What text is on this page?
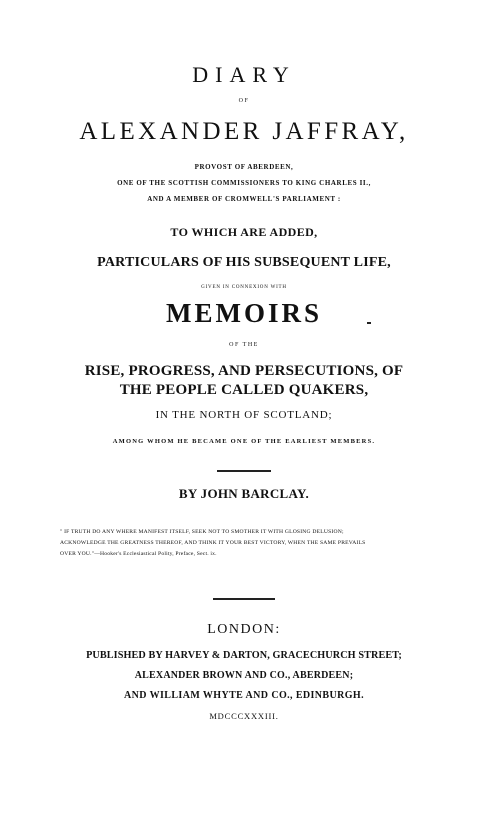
DIARY
OF
ALEXANDER JAFFRAY,
PROVOST OF ABERDEEN,
ONE OF THE SCOTTISH COMMISSIONERS TO KING CHARLES II.,
AND A MEMBER OF CROMWELL'S PARLIAMENT :
TO WHICH ARE ADDED,
PARTICULARS OF HIS SUBSEQUENT LIFE,
GIVEN IN CONNEXION WITH
MEMOIRS
OF THE
RISE, PROGRESS, AND PERSECUTIONS, OF
THE PEOPLE CALLED QUAKERS,
IN THE NORTH OF SCOTLAND;
AMONG WHOM HE BECAME ONE OF THE EARLIEST MEMBERS.
BY JOHN BARCLAY.
" IF TRUTH DO ANY WHERE MANIFEST ITSELF, SEEK NOT TO SMOTHER IT WITH GLOSING DELUSION;
ACKNOWLEDGE THE GREATNESS THEREOF, AND THINK IT YOUR BEST VICTORY, WHEN THE SAME PREVAILS
OVER YOU."—Hooker's Ecclesiastical Polity, Preface, Sect. ix.
LONDON:
PUBLISHED BY HARVEY & DARTON, GRACECHURCH STREET;
ALEXANDER BROWN AND CO., ABERDEEN;
AND WILLIAM WHYTE AND CO., EDINBURGH.
MDCCCXXXIII.
